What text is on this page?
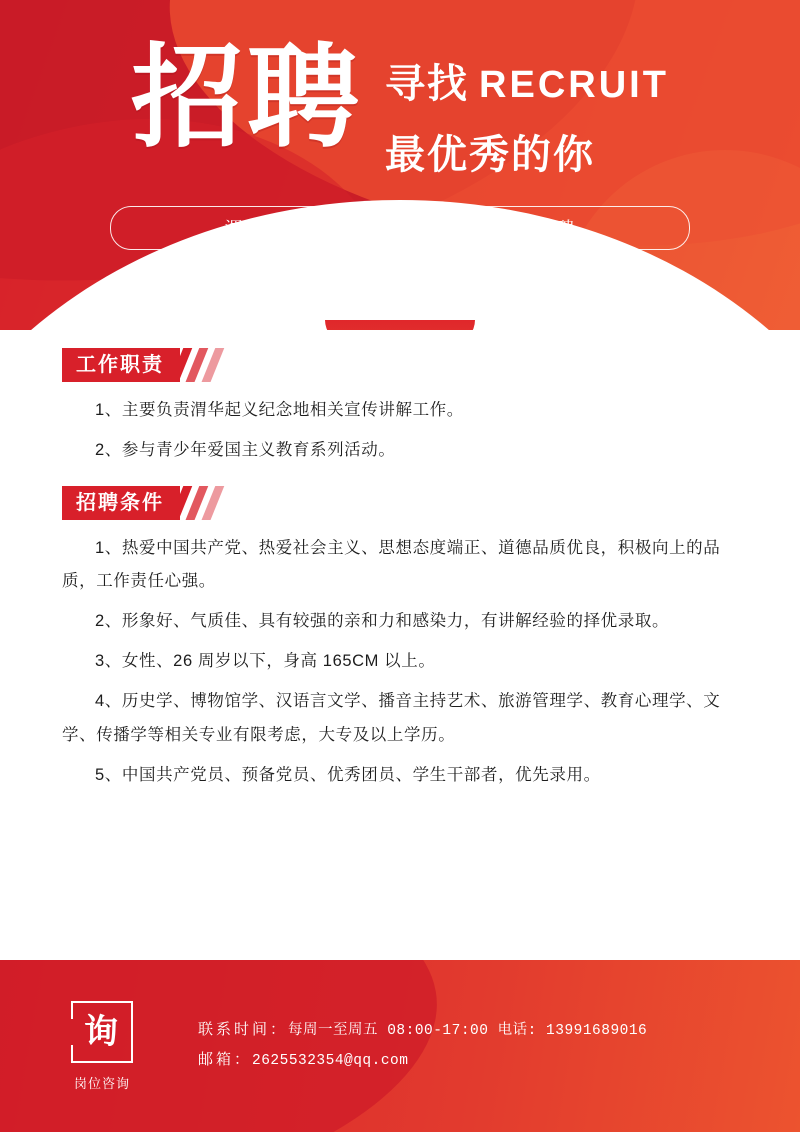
招聘 寻找 RECRUIT
最优秀的你
渭华起义纪念地管理中心讲解员公开招聘
工作职责

1、主要负责渭华起义纪念地相关宣传讲解工作。

2、参与青少年爱国主义教育系列活动。

招聘条件

1、热爱中国共产党、热爱社会主义、思想态度端正、道德品质优良，积极向上的品质，工作责任心强。

2、形象好、气质佳、具有较强的亲和力和感染力，有讲解经验的择优录取。

3、女性、26 周岁以下，身高 165CM 以上。

4、历史学、博物馆学、汉语言文学、播音主持艺术、旅游管理学、教育心理学、文学、传播学等相关专业有限考虑，大专及以上学历。

5、中国共产党员、预备党员、优秀团员、学生干部者，优先录用。

询
岗位咨询
联系时间：每周一至周五 08:00-17:00 电话: 13991689016
邮箱：2625532354@qq.com
